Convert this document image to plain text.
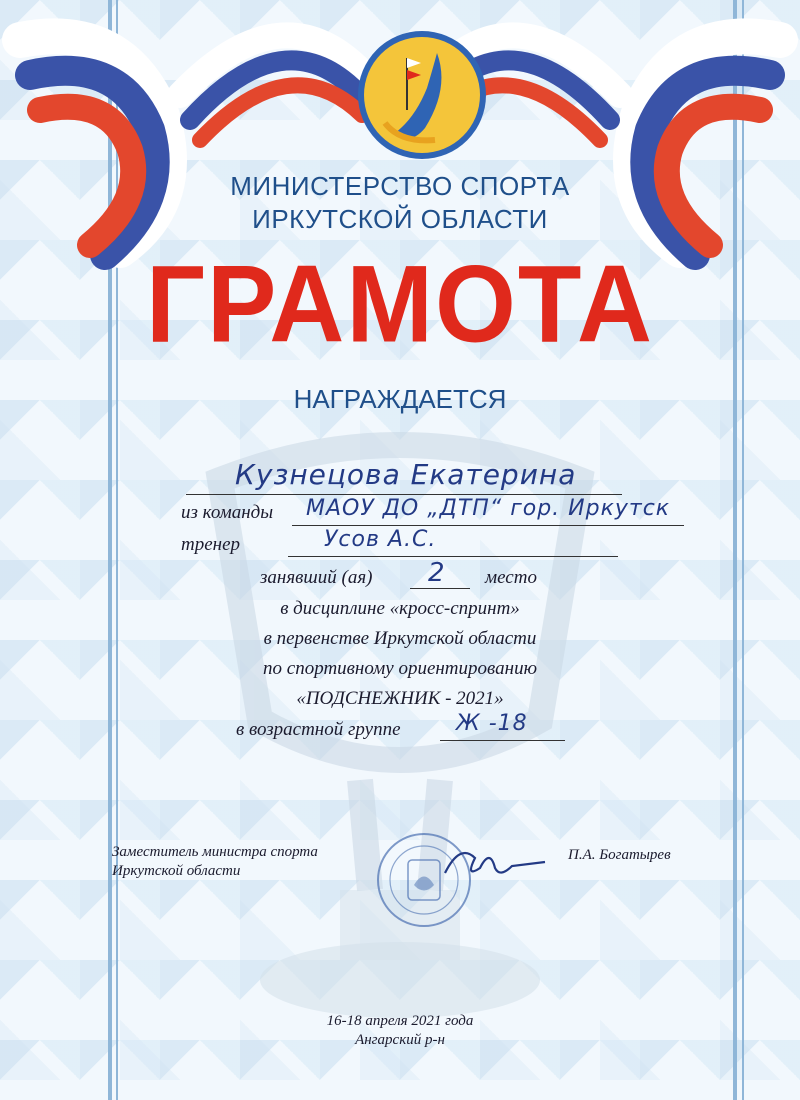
МИНИСТЕРСТВО СПОРТА
ИРКУТСКОЙ ОБЛАСТИ
ГРАМОТА
НАГРАЖДАЕТСЯ
Кузнецова Екатерина
из команды МАОУ ДО „ДТП“ гор. Иркутск
тренер	Усов А.С.
занявший (ая) 2 место
в дисциплине «кросс-спринт»
в первенстве Иркутской области
по спортивному ориентированию
«ПОДСНЕЖНИК - 2021»
в возрастной группе	Ж -18
Заместитель министра спорта
Иркутской области
П.А. Богатырев
16-18 апреля 2021 года
Ангарский р-н
